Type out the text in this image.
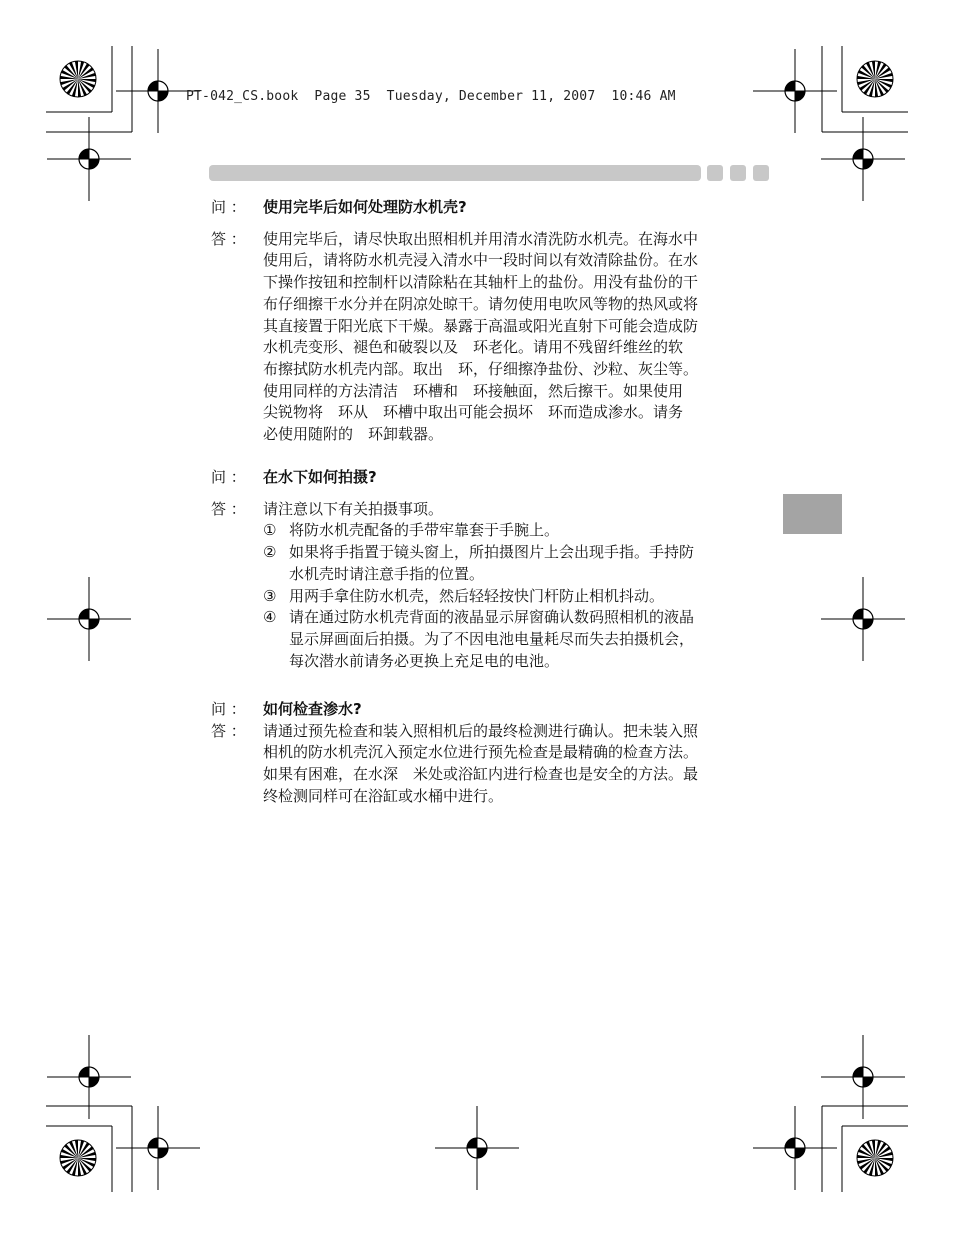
PT-042_CS.book  Page 35  Tuesday, December 11, 2007  10:46 AM
问 ：	使用完毕后如何处理防水机壳?
答 ：	使用完毕后，请尽快取出照相机并用清水清洗防水机壳。在海水中
使用后，请将防水机壳浸入清水中一段时间以有效清除盐份。在水
下操作按钮和控制杆以清除粘在其轴杆上的盐份。用没有盐份的干
布仔细擦干水分并在阴凉处晾干。请勿使用电吹风等物的热风或将
其直接置于阳光底下干燥。暴露于高温或阳光直射下可能会造成防
水机壳变形、褪色和破裂以及　环老化。请用不残留纤维丝的软
布擦拭防水机壳内部。取出　环，仔细擦净盐份、沙粒、灰尘等。
使用同样的方法清洁　环槽和　环接触面，然后擦干。如果使用
尖锐物将　环从　环槽中取出可能会损坏　环而造成渗水。请务
必使用随附的　环卸载器。
问 ：	在水下如何拍摄?
答 ：	请注意以下有关拍摄事项。
① 将防水机壳配备的手带牢靠套于手腕上。
② 如果将手指置于镜头窗上，所拍摄图片上会出现手指。手持防
水机壳时请注意手指的位置。
③ 用两手拿住防水机壳，然后轻轻按快门杆防止相机抖动。
④ 请在通过防水机壳背面的液晶显示屏窗确认数码照相机的液晶
显示屏画面后拍摄。为了不因电池电量耗尽而失去拍摄机会，
每次潜水前请务必更换上充足电的电池。
问 ：	如何检查渗水?
答 ：	请通过预先检查和装入照相机后的最终检测进行确认。把未装入照
相机的防水机壳沉入预定水位进行预先检查是最精确的检查方法。
如果有困难，在水深　米处或浴缸内进行检查也是安全的方法。最
终检测同样可在浴缸或水桶中进行。
